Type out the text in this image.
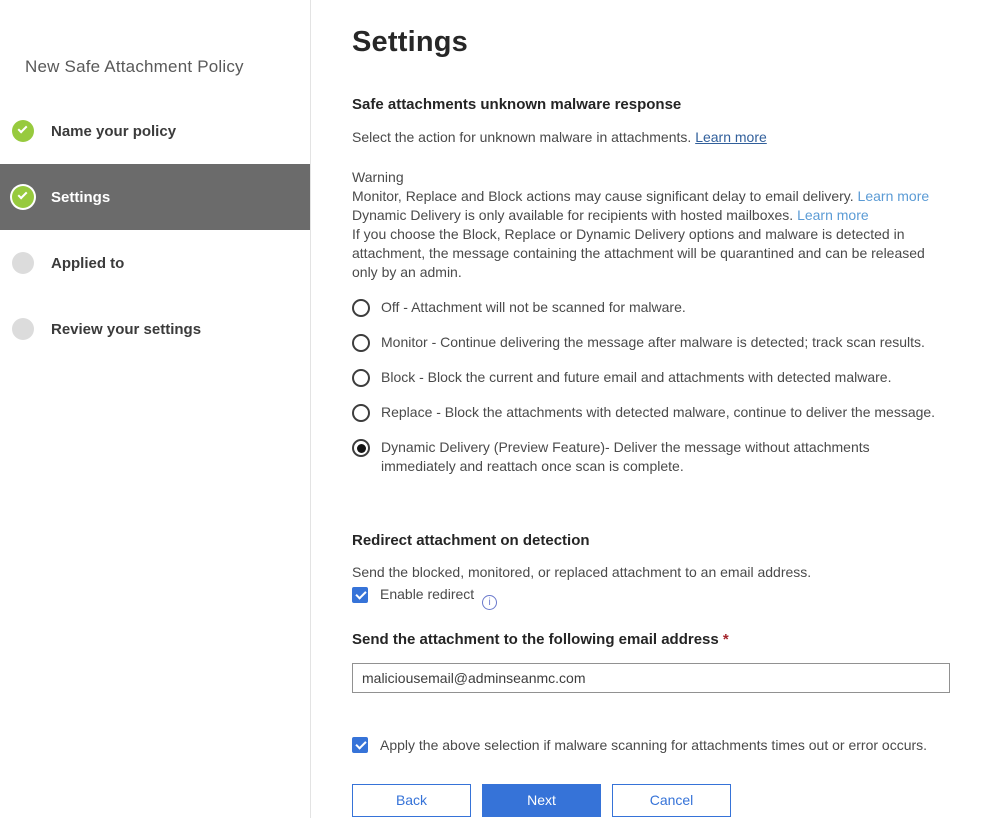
New Safe Attachment Policy
Name your policy
Settings
Applied to
Review your settings
Settings
Safe attachments unknown malware response
Select the action for unknown malware in attachments. Learn more
Warning
Monitor, Replace and Block actions may cause significant delay to email delivery. Learn more
Dynamic Delivery is only available for recipients with hosted mailboxes. Learn more
If you choose the Block, Replace or Dynamic Delivery options and malware is detected in attachment, the message containing the attachment will be quarantined and can be released only by an admin.
Off - Attachment will not be scanned for malware.
Monitor - Continue delivering the message after malware is detected; track scan results.
Block - Block the current and future email and attachments with detected malware.
Replace - Block the attachments with detected malware, continue to deliver the message.
Dynamic Delivery (Preview Feature)- Deliver the message without attachments immediately and reattach once scan is complete.
Redirect attachment on detection
Send the blocked, monitored, or replaced attachment to an email address.
Enable redirect i
Send the attachment to the following email address *
maliciousemail@adminseanmc.com
Apply the above selection if malware scanning for attachments times out or error occurs.
Back	Next	Cancel
